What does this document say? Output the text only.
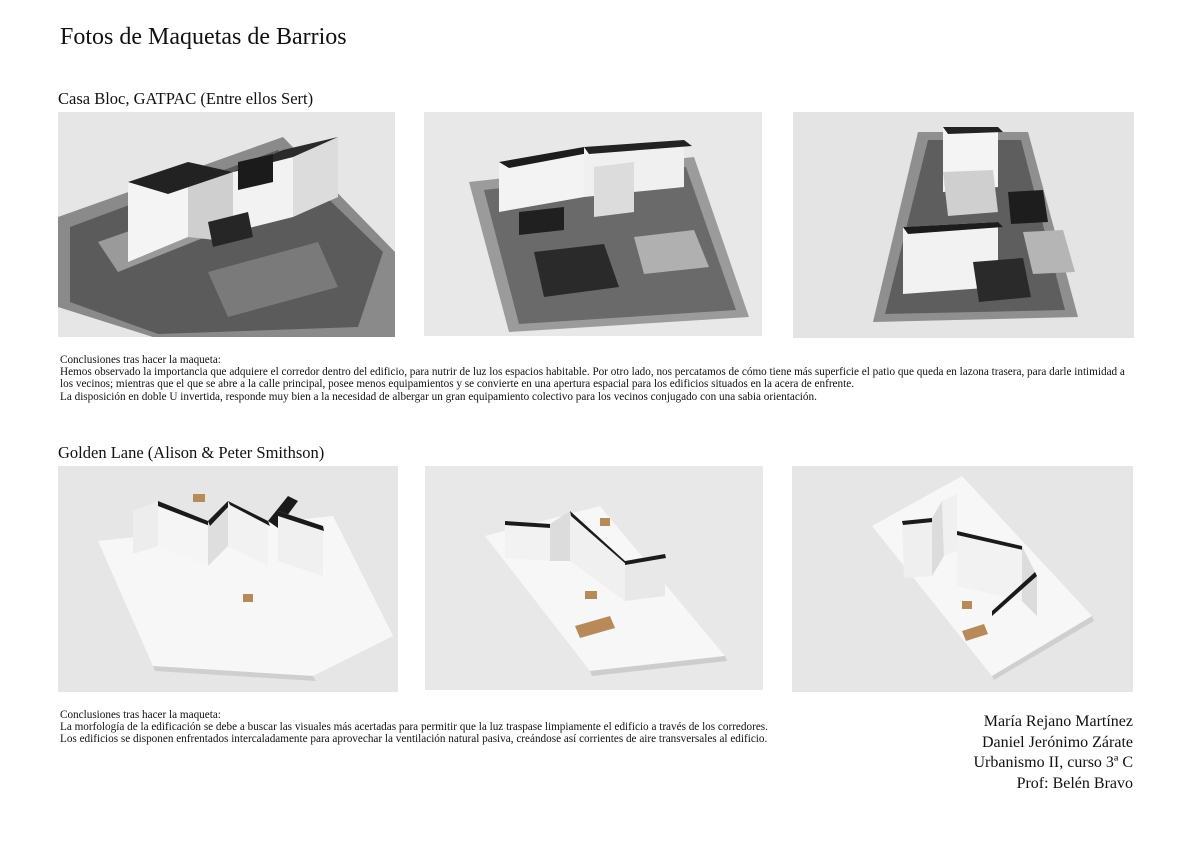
Fotos de Maquetas de Barrios
Casa Bloc, GATPAC (Entre ellos Sert)

Conclusiones tras hacer la maqueta:

Hemos observado la importancia que adquiere el corredor dentro del edificio, para nutrir de luz los espacios habitable. Por otro lado, nos percatamos de cómo tiene más superficie el patio que queda en lazona trasera, para darle intimidad a los vecinos; mientras que el que se abre a la calle principal, posee menos equipamientos y se convierte en una apertura espacial para los edificios situados en la acera de enfrente.

La disposición en doble U invertida, responde muy bien a la necesidad de albergar un gran equipamiento colectivo para los vecinos conjugado con una sabia orientación.

Golden Lane (Alison & Peter Smithson)

Conclusiones tras hacer la maqueta:

La morfología de la edificación se debe a buscar las visuales más acertadas para permitir que la luz traspase limpiamente el edificio a través de los corredores.

Los edificios se disponen enfrentados intercaladamente para aprovechar la ventilación natural pasiva, creándose así corrientes de aire transversales al edificio.

María Rejano Martínez
Daniel Jerónimo Zárate
Urbanismo II, curso 3ª C
Prof: Belén Bravo
